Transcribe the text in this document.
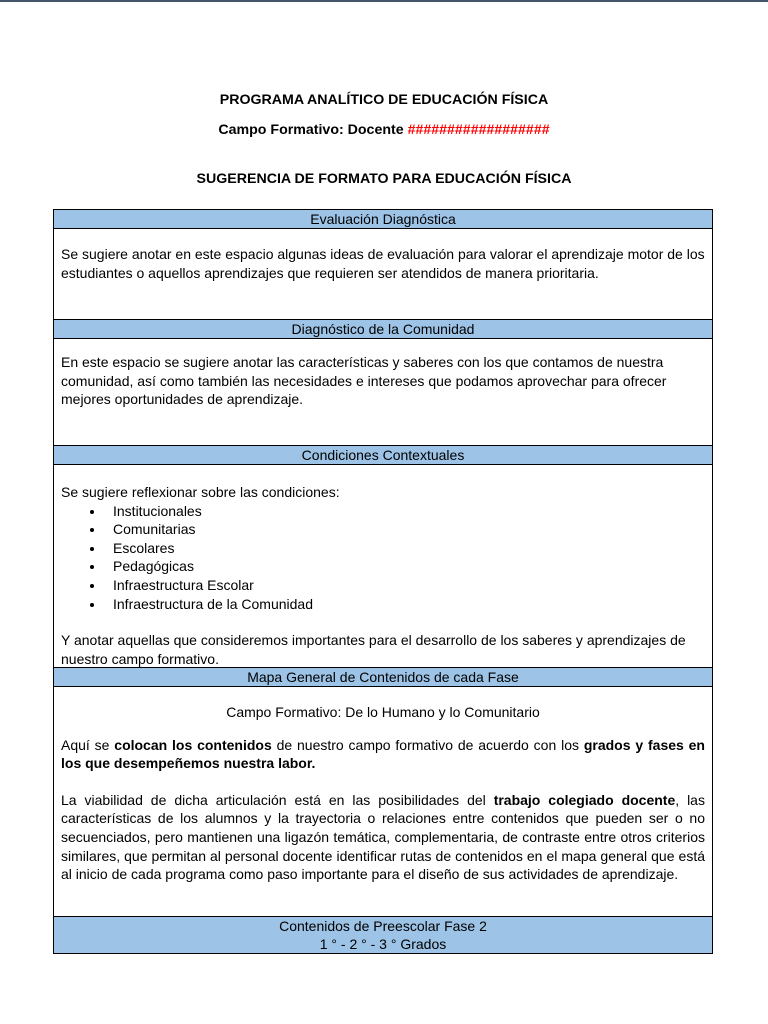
PROGRAMA ANALÍTICO DE EDUCACIÓN FÍSICA
Campo Formativo: Docente ##################
SUGERENCIA DE FORMATO PARA EDUCACIÓN FÍSICA
Evaluación Diagnóstica

Se sugiere anotar en este espacio algunas ideas de evaluación para valorar el aprendizaje motor de los estudiantes o aquellos aprendizajes que requieren ser atendidos de manera prioritaria.

Diagnóstico de la Comunidad

En este espacio se sugiere anotar las características y saberes con los que contamos de nuestra comunidad, así como también las necesidades e intereses que podamos aprovechar para ofrecer mejores oportunidades de aprendizaje.

Condiciones Contextuales

Se sugiere reflexionar sobre las condiciones:

• Institucionales
• Comunitarias
• Escolares
• Pedagógicas
• Infraestructura Escolar
• Infraestructura de la Comunidad

Y anotar aquellas que consideremos importantes para el desarrollo de los saberes y aprendizajes de nuestro campo formativo.

Mapa General de Contenidos de cada Fase

Campo Formativo: De lo Humano y lo Comunitario

Aquí se colocan los contenidos de nuestro campo formativo de acuerdo con los grados y fases en los que desempeñemos nuestra labor.

La viabilidad de dicha articulación está en las posibilidades del trabajo colegiado docente, las características de los alumnos y la trayectoria o relaciones entre contenidos que pueden ser o no secuenciados, pero mantienen una ligazón temática, complementaria, de contraste entre otros criterios similares, que permitan al personal docente identificar rutas de contenidos en el mapa general que está al inicio de cada programa como paso importante para el diseño de sus actividades de aprendizaje.

Contenidos de Preescolar Fase 2
1 ° - 2 ° - 3 ° Grados
